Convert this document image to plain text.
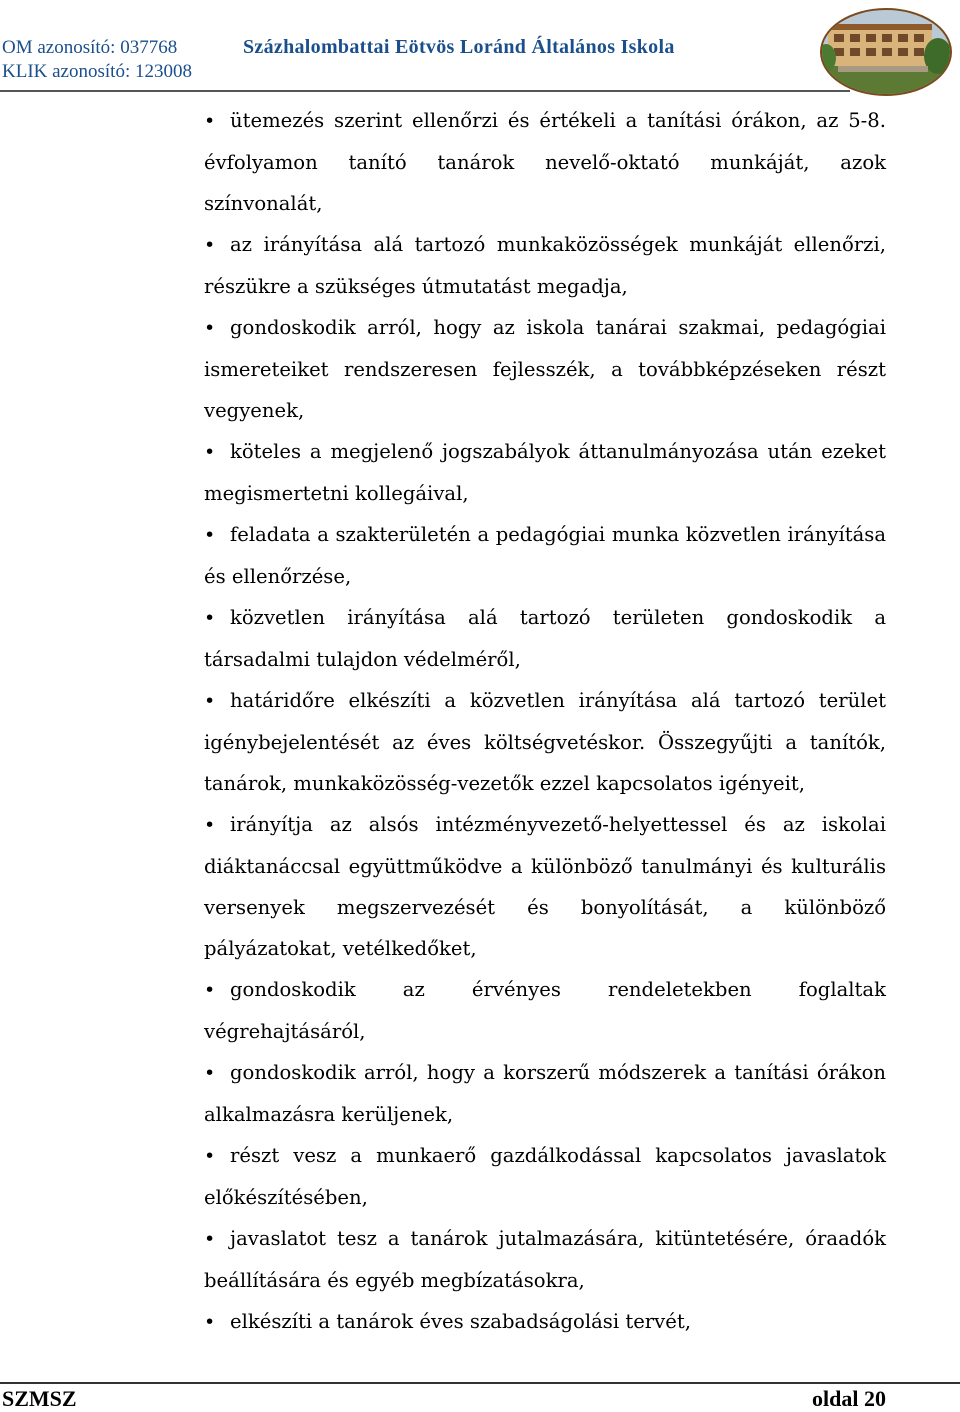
OM azonosító: 037768
KLIK azonosító: 123008
Százhalombattai Eötvös Loránd Általános Iskola

• ütemezés szerint ellenőrzi és értékeli a tanítási órákon, az 5-8. évfolyamon tanító tanárok nevelő-oktató munkáját, azok színvonalát,

• az irányítása alá tartozó munkaközösségek munkáját ellenőrzi, részükre a szükséges útmutatást megadja,

• gondoskodik arról, hogy az iskola tanárai szakmai, pedagógiai ismereteiket rendszeresen fejlesszék, a továbbképzéseken részt vegyenek,

• köteles a megjelenő jogszabályok áttanulmányozása után ezeket megismertetni kollegáival,

• feladata a szakterületén a pedagógiai munka közvetlen irányítása és ellenőrzése,

• közvetlen irányítása alá tartozó területen gondoskodik a társadalmi tulajdon védelméről,

• határidőre elkészíti a közvetlen irányítása alá tartozó terület igénybejelentését az éves költségvetéskor. Összegyűjti a tanítók, tanárok, munkaközösség-vezetők ezzel kapcsolatos igényeit,

• irányítja az alsós intézményvezető-helyettessel és az iskolai diáktanáccsal együttműködve a különböző tanulmányi és kulturális versenyek megszervezését és bonyolítását, a különböző pályázatokat, vetélkedőket,

• gondoskodik az érvényes rendeletekben foglaltak végrehajtásáról,

• gondoskodik arról, hogy a korszerű módszerek a tanítási órákon alkalmazásra kerüljenek,

• részt vesz a munkaerő gazdálkodással kapcsolatos javaslatok előkészítésében,

• javaslatot tesz a tanárok jutalmazására, kitüntetésére, óraadók beállítására és egyéb megbízatásokra,

• elkészíti a tanárok éves szabadságolási tervét,

SZMSZ	oldal 20
